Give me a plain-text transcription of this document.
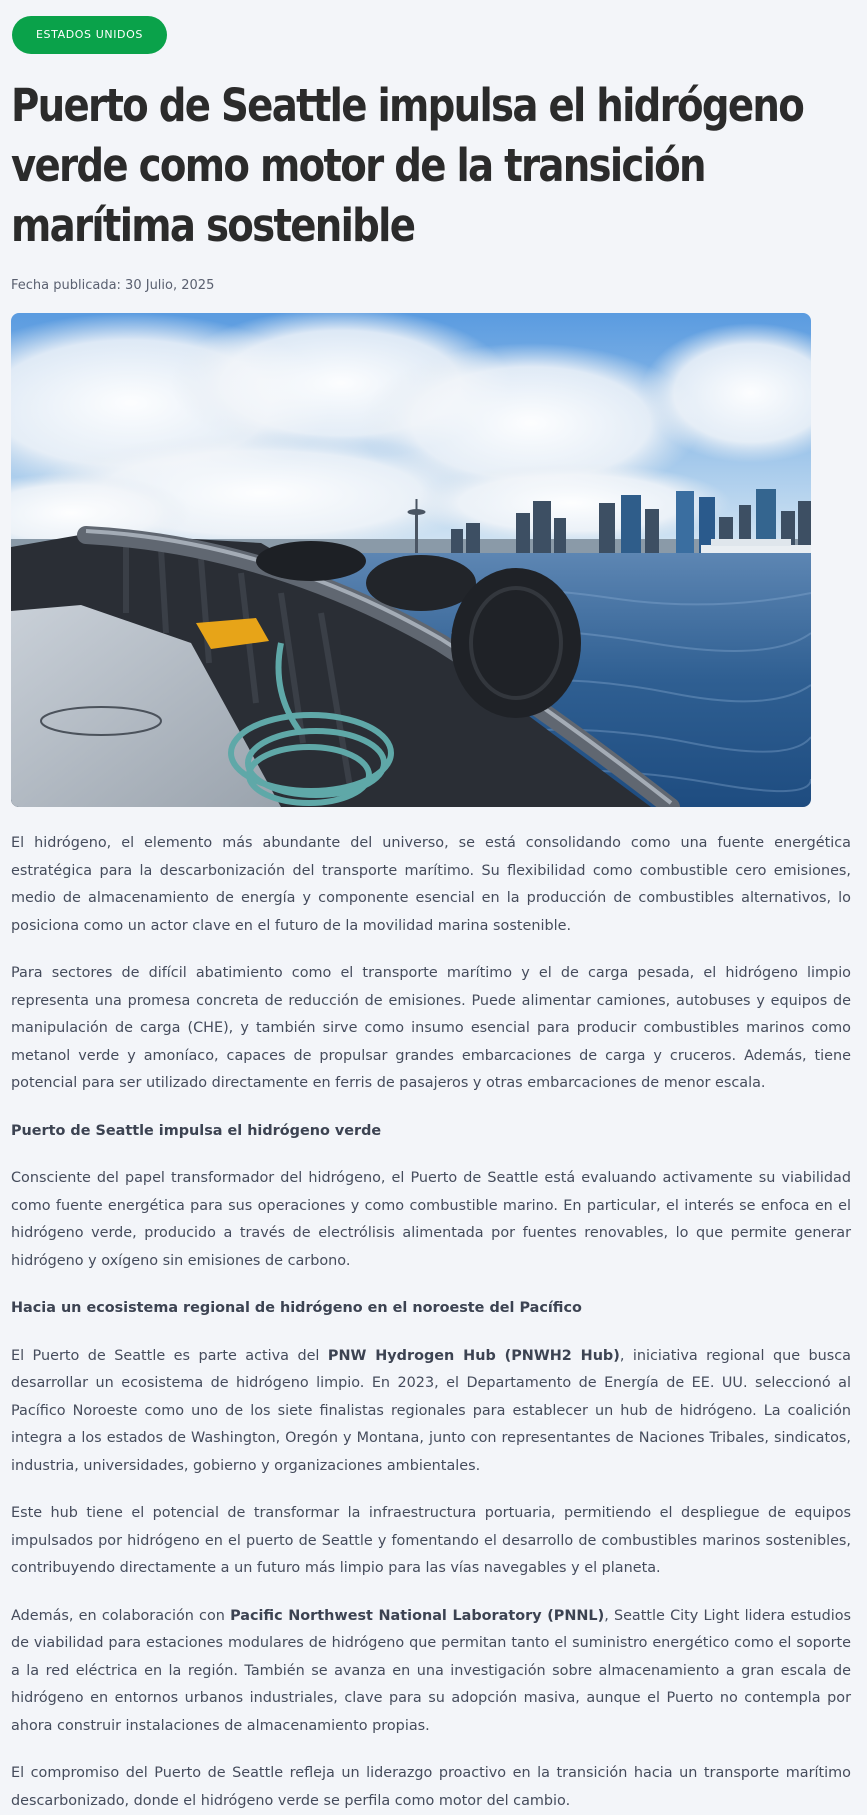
ESTADOS UNIDOS
Puerto de Seattle impulsa el hidrógeno verde como motor de la transición marítima sostenible
Fecha publicada: 30 Julio, 2025

El hidrógeno, el elemento más abundante del universo, se está consolidando como una fuente energética estratégica para la descarbonización del transporte marítimo. Su flexibilidad como combustible cero emisiones, medio de almacenamiento de energía y componente esencial en la producción de combustibles alternativos, lo posiciona como un actor clave en el futuro de la movilidad marina sostenible.

Para sectores de difícil abatimiento como el transporte marítimo y el de carga pesada, el hidrógeno limpio representa una promesa concreta de reducción de emisiones. Puede alimentar camiones, autobuses y equipos de manipulación de carga (CHE), y también sirve como insumo esencial para producir combustibles marinos como metanol verde y amoníaco, capaces de propulsar grandes embarcaciones de carga y cruceros. Además, tiene potencial para ser utilizado directamente en ferris de pasajeros y otras embarcaciones de menor escala.

Puerto de Seattle impulsa el hidrógeno verde

Consciente del papel transformador del hidrógeno, el Puerto de Seattle está evaluando activamente su viabilidad como fuente energética para sus operaciones y como combustible marino. En particular, el interés se enfoca en el hidrógeno verde, producido a través de electrólisis alimentada por fuentes renovables, lo que permite generar hidrógeno y oxígeno sin emisiones de carbono.

Hacia un ecosistema regional de hidrógeno en el noroeste del Pacífico

El Puerto de Seattle es parte activa del PNW Hydrogen Hub (PNWH2 Hub), iniciativa regional que busca desarrollar un ecosistema de hidrógeno limpio. En 2023, el Departamento de Energía de EE. UU. seleccionó al Pacífico Noroeste como uno de los siete finalistas regionales para establecer un hub de hidrógeno. La coalición integra a los estados de Washington, Oregón y Montana, junto con representantes de Naciones Tribales, sindicatos, industria, universidades, gobierno y organizaciones ambientales.

Este hub tiene el potencial de transformar la infraestructura portuaria, permitiendo el despliegue de equipos impulsados por hidrógeno en el puerto de Seattle y fomentando el desarrollo de combustibles marinos sostenibles, contribuyendo directamente a un futuro más limpio para las vías navegables y el planeta.

Además, en colaboración con Pacific Northwest National Laboratory (PNNL), Seattle City Light lidera estudios de viabilidad para estaciones modulares de hidrógeno que permitan tanto el suministro energético como el soporte a la red eléctrica en la región. También se avanza en una investigación sobre almacenamiento a gran escala de hidrógeno en entornos urbanos industriales, clave para su adopción masiva, aunque el Puerto no contempla por ahora construir instalaciones de almacenamiento propias.

El compromiso del Puerto de Seattle refleja un liderazgo proactivo en la transición hacia un transporte marítimo descarbonizado, donde el hidrógeno verde se perfila como motor del cambio.
